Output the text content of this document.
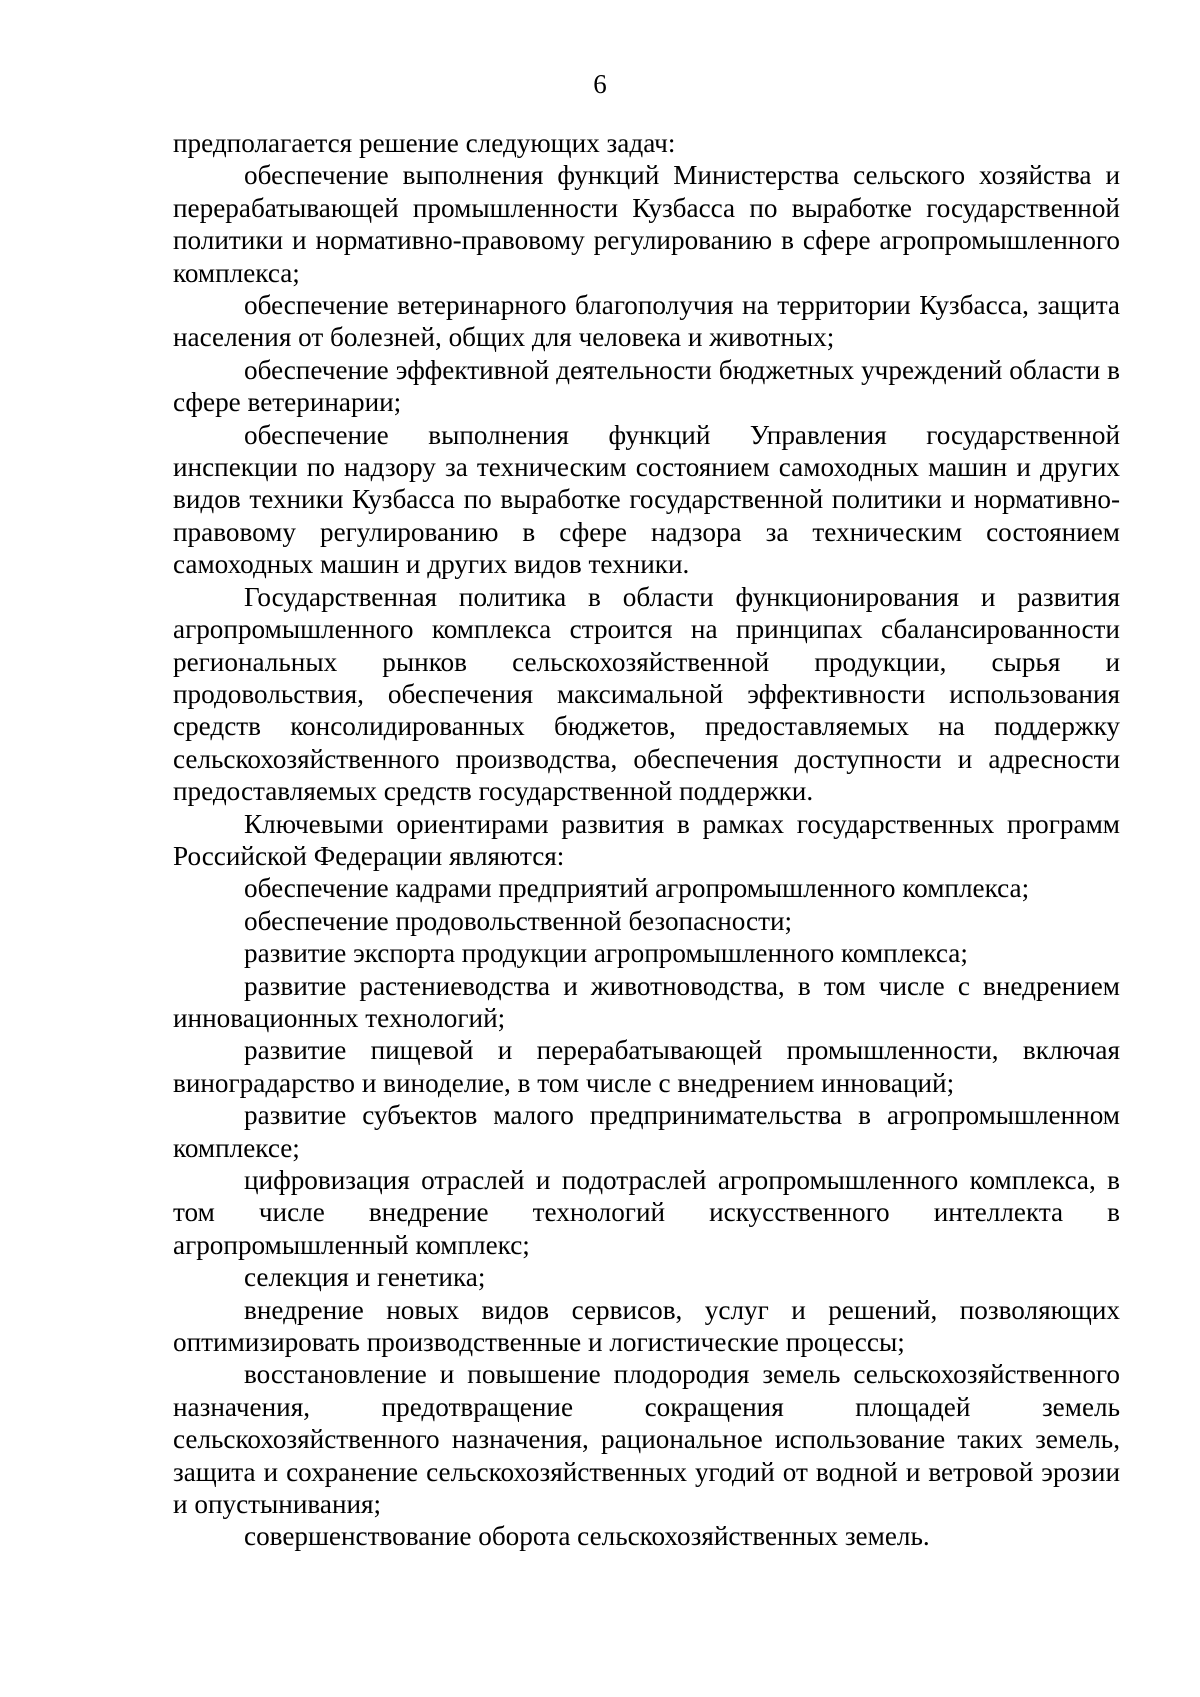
6

предполагается решение следующих задач:

обеспечение выполнения функций Министерства сельского хозяйства и перерабатывающей промышленности Кузбасса по выработке государственной политики и нормативно-правовому регулированию в сфере агропромышленного комплекса;

обеспечение ветеринарного благополучия на территории Кузбасса, защита населения от болезней, общих для человека и животных;

обеспечение эффективной деятельности бюджетных учреждений области в сфере ветеринарии;

обеспечение выполнения функций Управления государственной инспекции по надзору за техническим состоянием самоходных машин и других видов техники Кузбасса по выработке государственной политики и нормативно-правовому регулированию в сфере надзора за техническим состоянием самоходных машин и других видов техники.

Государственная политика в области функционирования и развития агропромышленного комплекса строится на принципах сбалансированности региональных рынков сельскохозяйственной продукции, сырья и продовольствия, обеспечения максимальной эффективности использования средств консолидированных бюджетов, предоставляемых на поддержку сельскохозяйственного производства, обеспечения доступности и адресности предоставляемых средств государственной поддержки.

Ключевыми ориентирами развития в рамках государственных программ Российской Федерации являются:

обеспечение кадрами предприятий агропромышленного комплекса;

обеспечение продовольственной безопасности;

развитие экспорта продукции агропромышленного комплекса;

развитие растениеводства и животноводства, в том числе с внедрением инновационных технологий;

развитие пищевой и перерабатывающей промышленности, включая виноградарство и виноделие, в том числе с внедрением инноваций;

развитие субъектов малого предпринимательства в агропромышленном комплексе;

цифровизация отраслей и подотраслей агропромышленного комплекса, в том числе внедрение технологий искусственного интеллекта в агропромышленный комплекс;

селекция и генетика;

внедрение новых видов сервисов, услуг и решений, позволяющих оптимизировать производственные и логистические процессы;

восстановление и повышение плодородия земель сельскохозяйственного назначения, предотвращение сокращения площадей земель сельскохозяйственного назначения, рациональное использование таких земель, защита и сохранение сельскохозяйственных угодий от водной и ветровой эрозии и опустынивания;

совершенствование оборота сельскохозяйственных земель.
